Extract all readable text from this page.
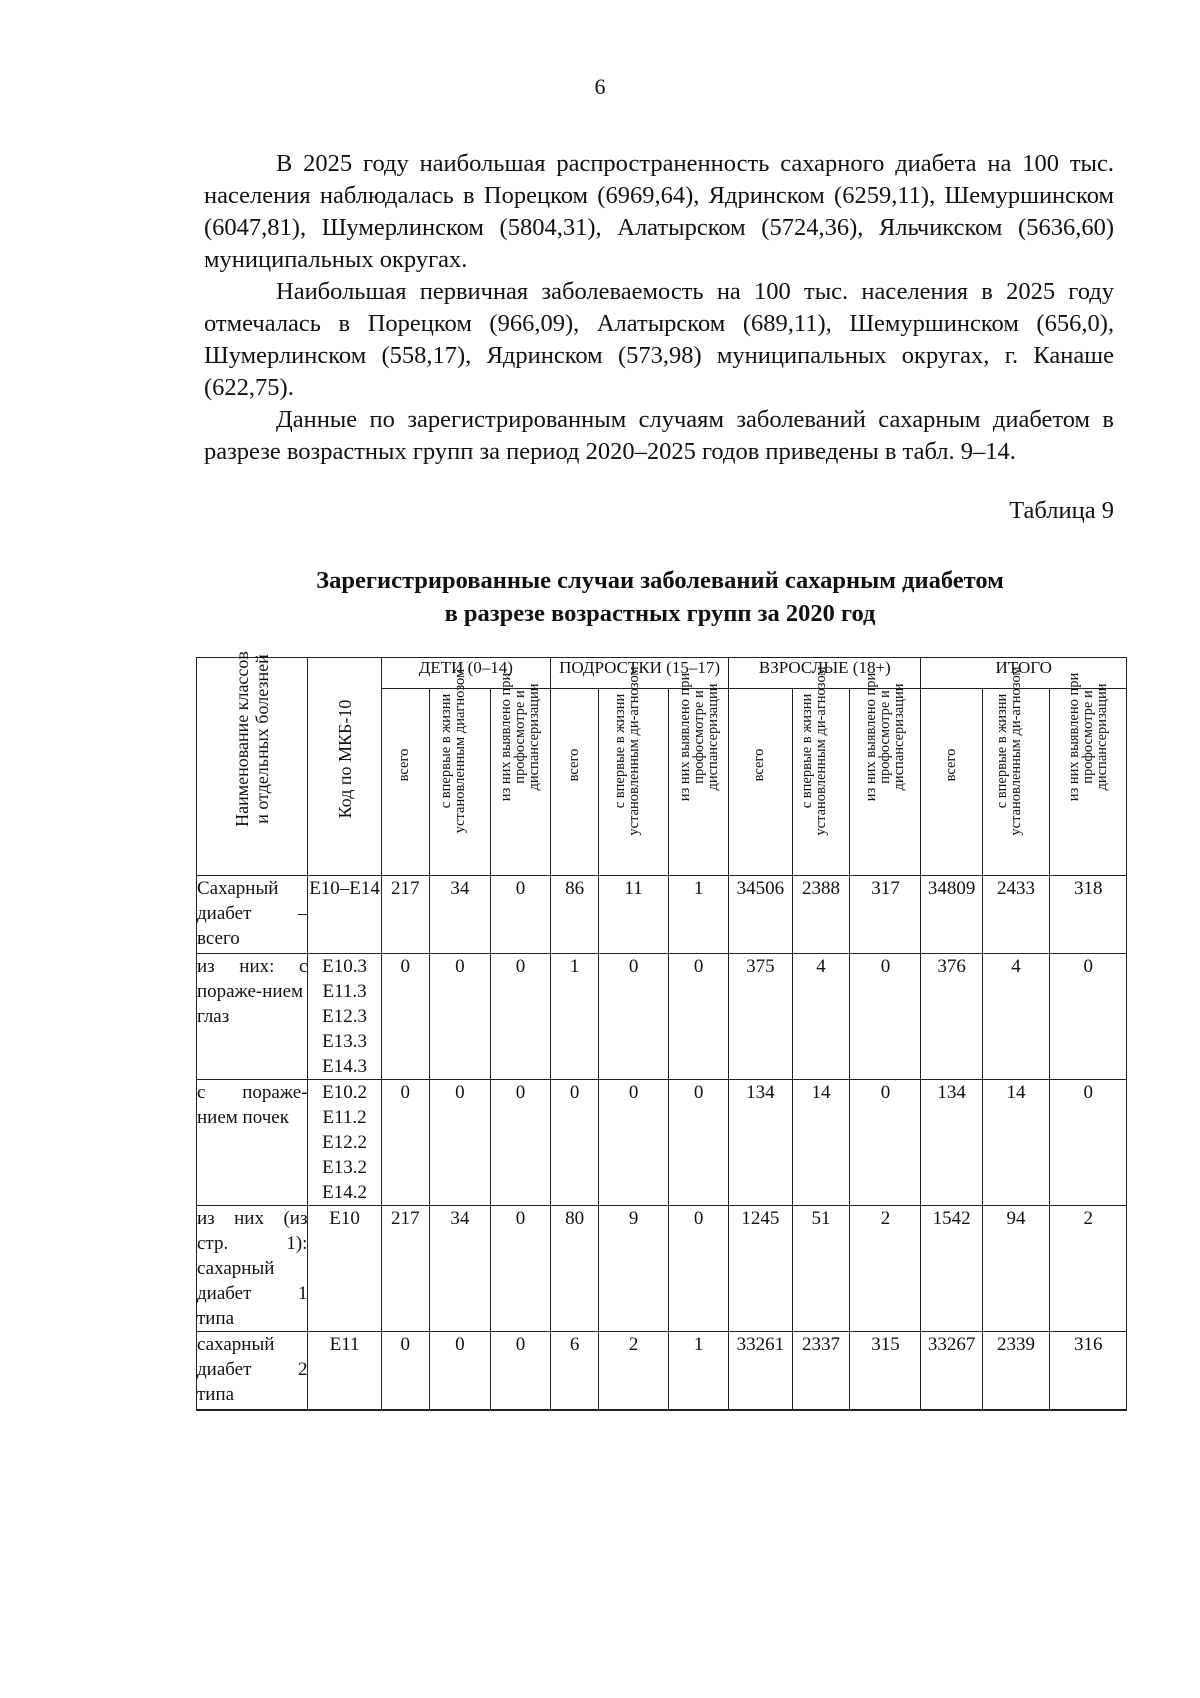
6

В 2025 году наибольшая распространенность сахарного диабета на 100 тыс. населения наблюдалась в Порецком (6969,64), Ядринском (6259,11), Шемуршинском (6047,81), Шумерлинском (5804,31), Алатырском (5724,36), Яльчикском (5636,60) муниципальных округах.

Наибольшая первичная заболеваемость на 100 тыс. населения в 2025 году отмечалась в Порецком (966,09), Алатырском (689,11), Шемуршинском (656,0), Шумерлинском (558,17), Ядринском (573,98) муниципальных округах, г. Канаше (622,75).

Данные по зарегистрированным случаям заболеваний сахарным диабетом в разрезе возрастных групп за период 2020–2025 годов приведены в табл. 9–14.

Таблица 9
Зарегистрированные случаи заболеваний сахарным диабетом
в разрезе возрастных групп за 2020 год
Наименование классов и отдельных болезней	Код по МКБ-10	ДЕТИ (0–14)			ПОДРОСТКИ (15–17)			ВЗРОСЛЫЕ (18+)			ИТОГО		

		всего	с впервые в жизни установленным диагнозом	из них выявлено при профосмотре и диспансеризации	всего	с впервые в жизни установленным ди-агнозом	из них выявлено при профосмотре и диспансеризации	всего	с впервые в жизни установленным ди-агнозом	из них выявлено при профосмотре и диспансеризации	всего	с впервые в жизни установленным ди-агнозом	из них выявлено при профосмотре и диспансеризации

Сахарный диабет – всего	Е10–Е14	217	34	0	86	11	1	34506	2388	317	34809	2433	318
из них: с пораже-нием глаз	Е10.3
Е11.3
Е12.3
Е13.3
Е14.3	0	0	0	1	0	0	375	4	0	376	4	0
с пораже-нием почек	Е10.2
Е11.2
Е12.2
Е13.2
Е14.2	0	0	0	0	0	0	134	14	0	134	14	0
из них (из стр. 1): сахарный диабет 1 типа	Е10	217	34	0	80	9	0	1245	51	2	1542	94	2
сахарный диабет 2 типа	Е11	0	0	0	6	2	1	33261	2337	315	33267	2339	316
